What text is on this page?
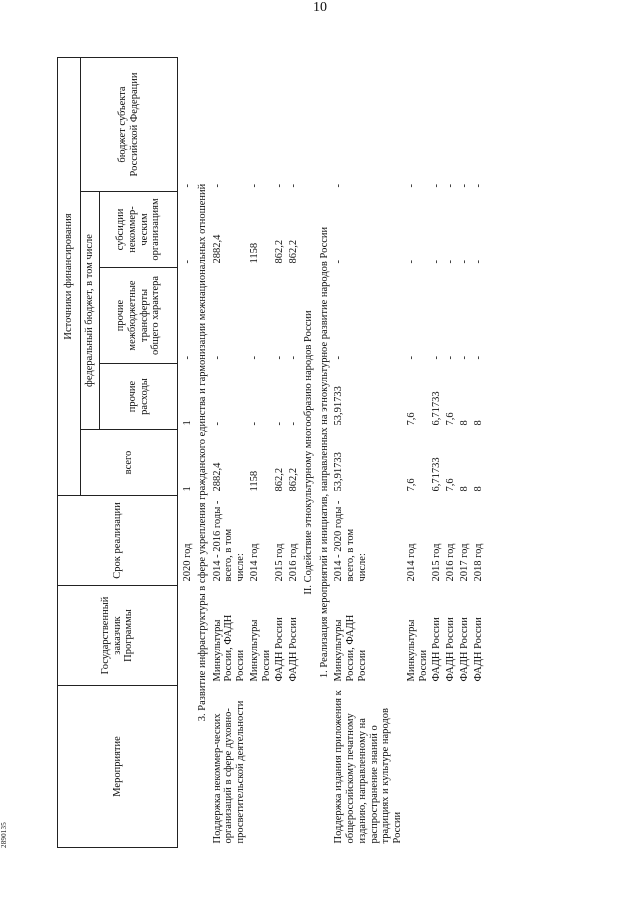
10
Мероприятие	Государственный заказчик Программы	Срок реализации	Источники финансирования				
			всего	федеральный бюджет, в том числе			бюджет субъекта Российской Федерации
				прочие расходы	прочие межбюджетные трансферты общего характера	субсидии некоммер-ческим организациям	
		2020 год	1	1	-	-	-
3. Развитие инфраструктуры в сфере укрепления гражданского единства и гармонизации межнациональных отношений							
Поддержка некоммер-ческих организаций в сфере духовно-просветительской деятельности	Минкультуры России, ФАДН России	2014 - 2016 годы - всего, в том числе:	2882,4	-	-	2882,4	-
	Минкультуры России	2014 год	1158	-	-	1158	-
	ФАДН России	2015 год	862,2	-	-	862,2	-
	ФАДН России	2016 год	862,2	-	-	862,2	-
II. Содействие этнокультурному многообразию народов России							
1. Реализация мероприятий и инициатив, направленных на этнокультурное развитие народов России							
Поддержка издания приложения к общероссийскому печатному изданию, направленному на распространение знаний о традициях и культуре народов России	Минкультуры России, ФАДН России	2014 - 2020 годы - всего, в том числе:	53,91733	53,91733	-	-	-
	Минкультуры России	2014 год	7,6	7,6	-	-	-
	ФАДН России	2015 год	6,71733	6,71733	-	-	-
	ФАДН России	2016 год	7,6	7,6	-	-	-
	ФАДН России	2017 год	8	8	-	-	-
	ФАДН России	2018 год	8	8	-	-	-
2890135
